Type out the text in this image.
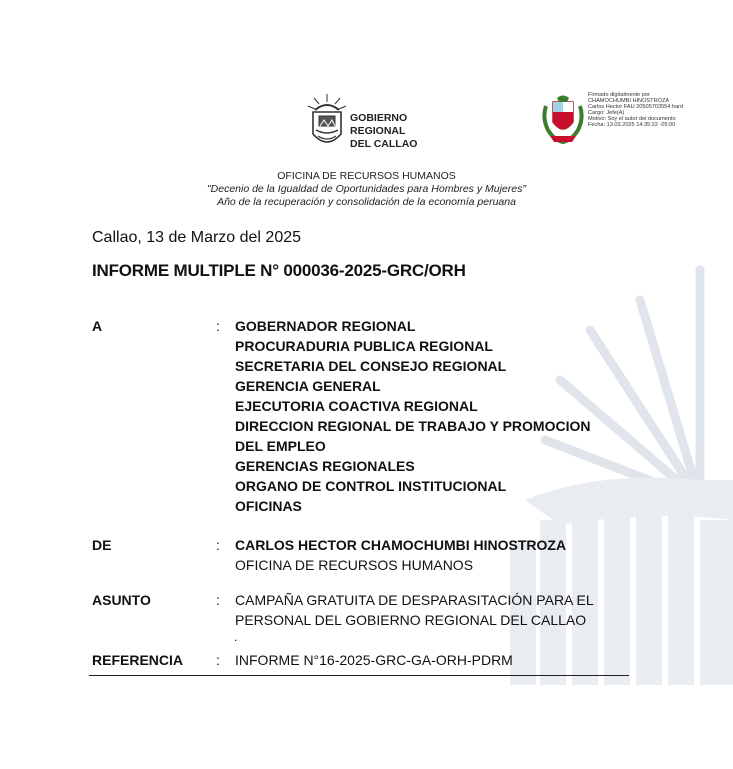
GOBIERNO
REGIONAL
DEL CALLAO
Firmado digitalmente por
CHAMOCHUMBI HINOSTROZA
Carlos Hector FAU 20505703554 hard
Cargo: Jefe(A)
Motivo: Soy el autor del documento
Fecha: 13.03.2025 14:35:22 -05:00
OFICINA DE RECURSOS HUMANOS
"Decenio de la Igualdad de Oportunidades para Hombres y Mujeres"
Año de la recuperación y consolidación de la economía peruana
Callao, 13 de Marzo del 2025
INFORME MULTIPLE N° 000036-2025-GRC/ORH
A	: GOBERNADOR REGIONAL
PROCURADURIA PUBLICA REGIONAL
SECRETARIA DEL CONSEJO REGIONAL
GERENCIA GENERAL
EJECUTORIA COACTIVA REGIONAL
DIRECCION REGIONAL DE TRABAJO Y PROMOCION
DEL EMPLEO
GERENCIAS REGIONALES
ORGANO DE CONTROL INSTITUCIONAL
OFICINAS
DE	: CARLOS HECTOR CHAMOCHUMBI HINOSTROZA
OFICINA DE RECURSOS HUMANOS
ASUNTO	: CAMPAÑA GRATUITA DE DESPARASITACIÓN PARA EL
PERSONAL DEL GOBIERNO REGIONAL DEL CALLAO
.
REFERENCIA	: INFORME N°16-2025-GRC-GA-ORH-PDRM
